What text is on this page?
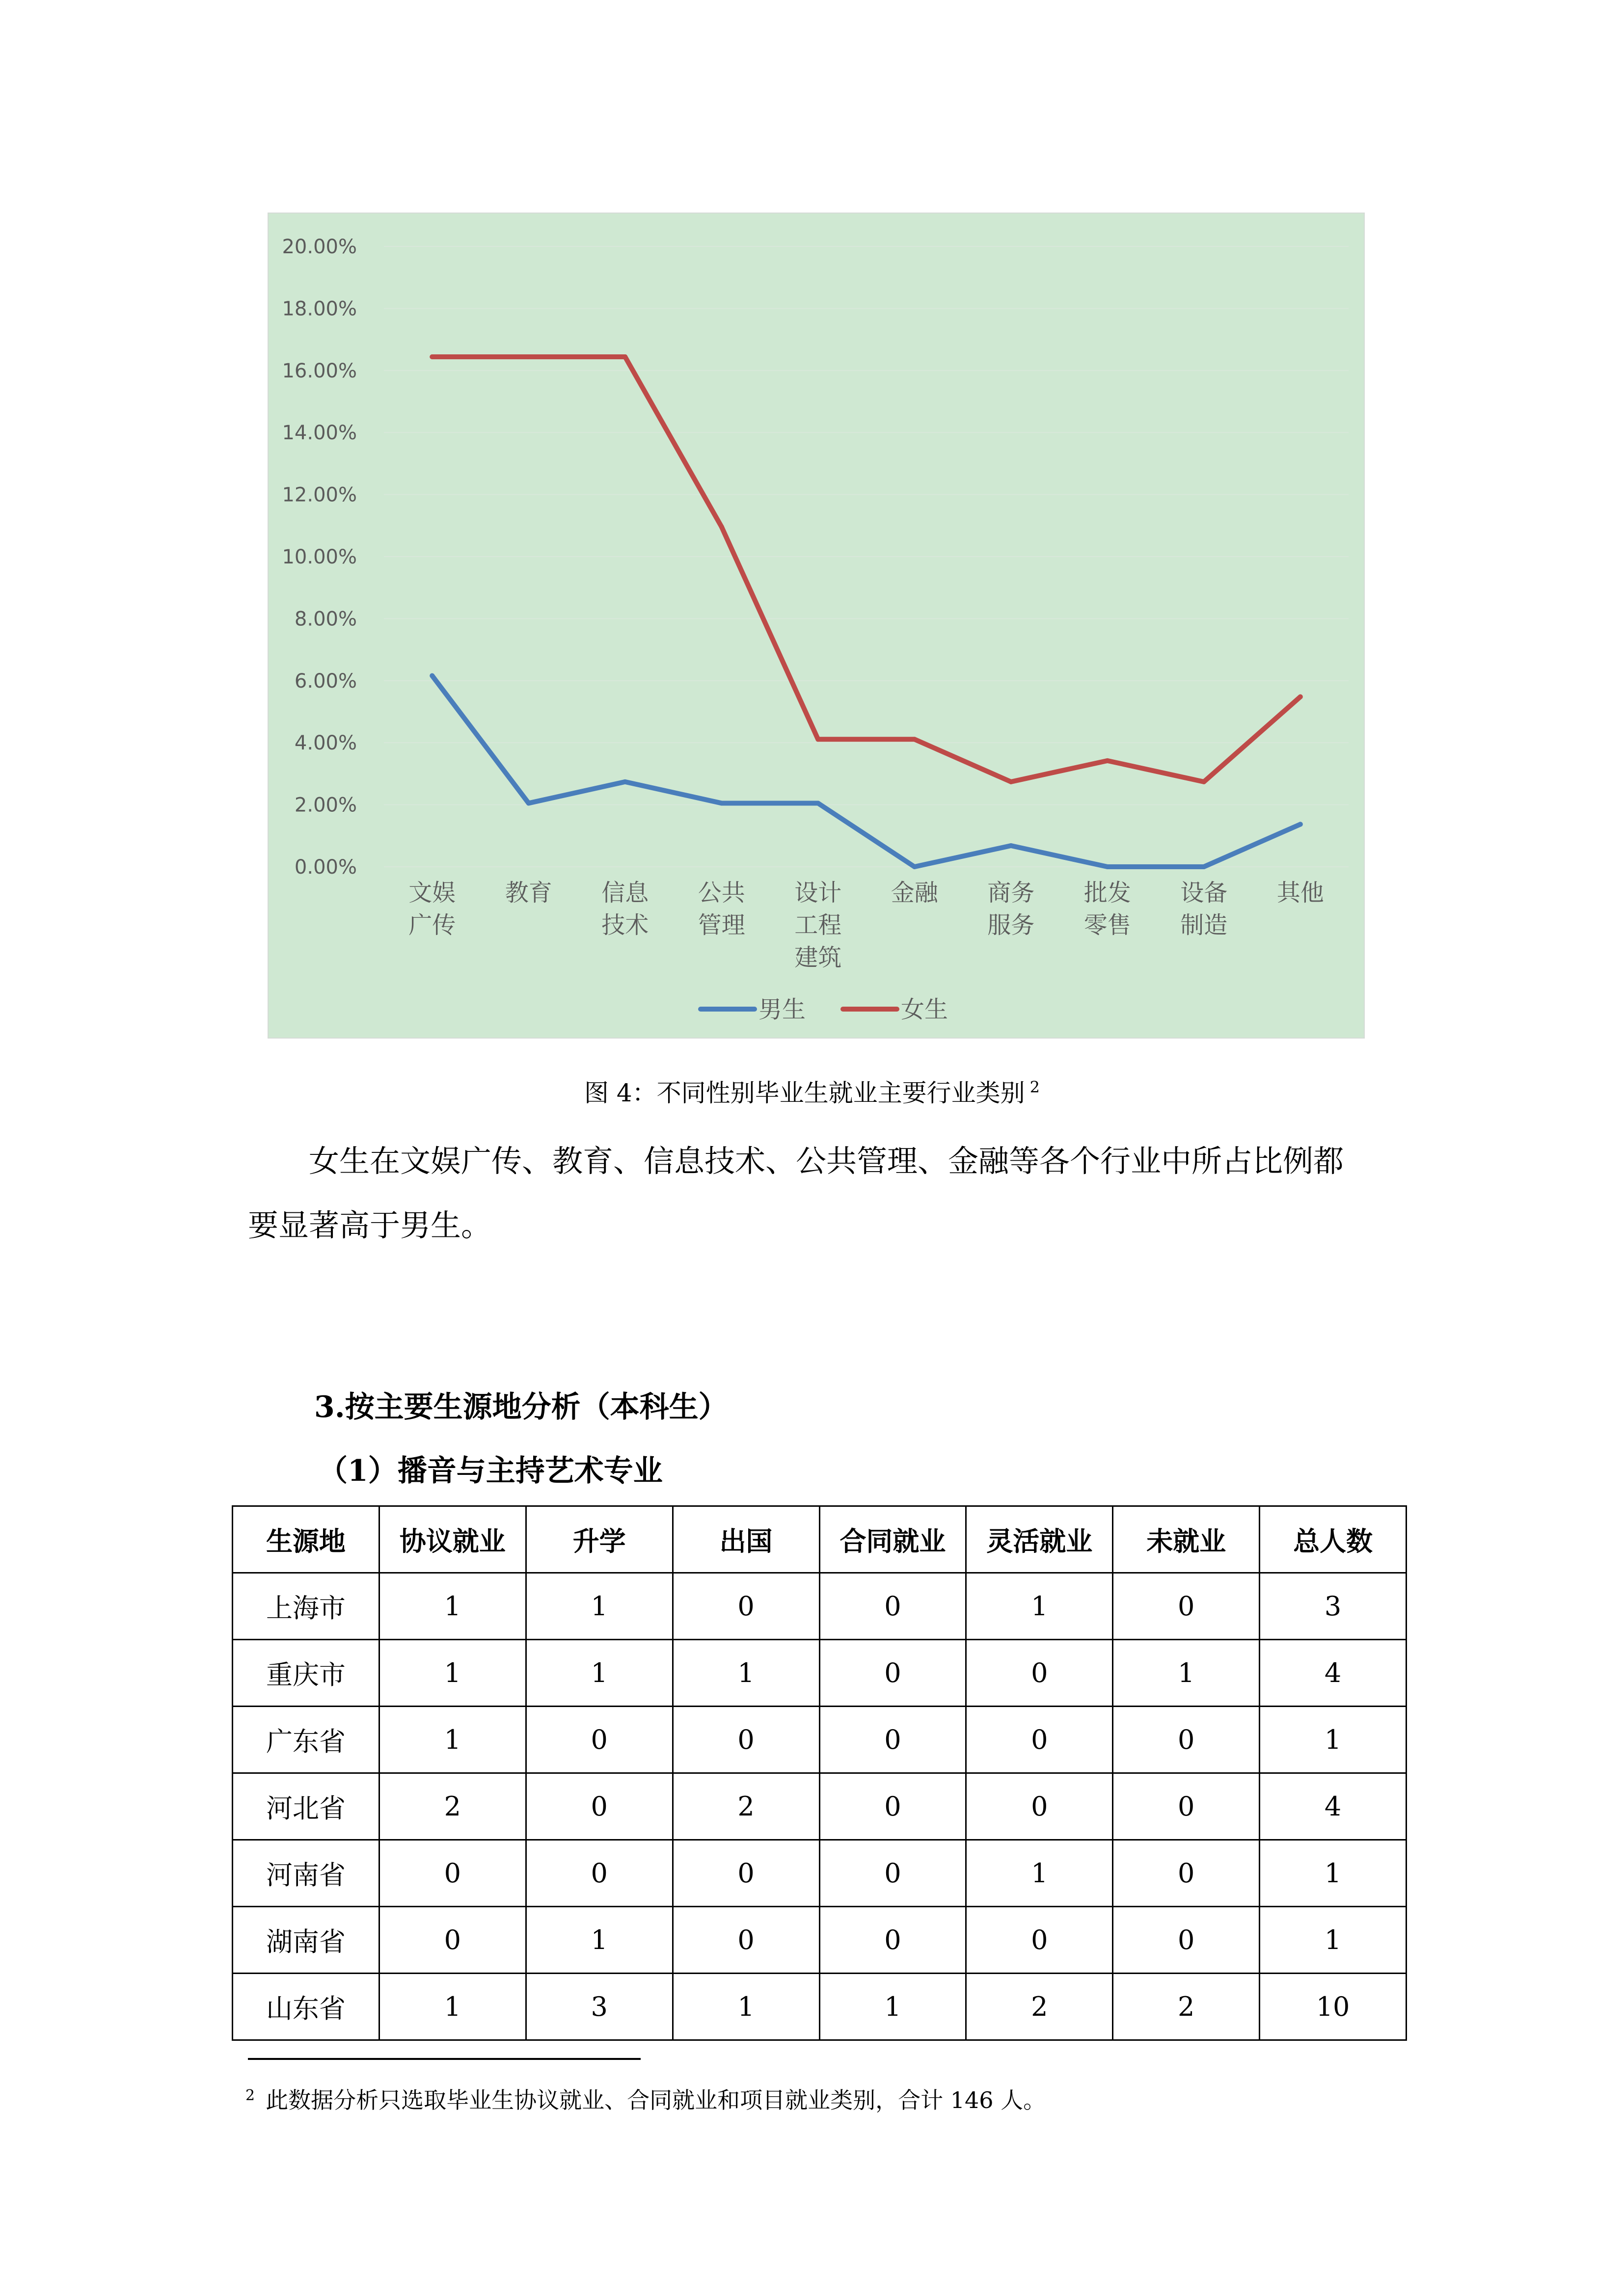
0.00%
2.00%
4.00%
6.00%
8.00%
10.00%
12.00%
14.00%
16.00%
18.00%
20.00%
文娱广传
教育 信息技术
公共管理
设计工程建筑
金融 商务服务
批发零售
设备制造
其他
男生	女生
图 4：不同性别毕业生就业主要行业类别 $^2$
女生在文娱广传、教育、信息技术、公共管理、金融等各个行业中所占比例都要显著高于男生。
3.按主要生源地分析（本科生）
（1）播音与主持艺术专业
生源地	协议就业	升学	出国	合同就业	灵活就业	未就业	总人数
上海市	1	1	0	0	1	0	3
重庆市	1	1	1	0	0	1	4
广东省	1	0	0	0	0	0	1
河北省	2	0	2	0	0	0	4
河南省	0	0	0	0	1	0	1
湖南省	0	1	0	0	0	0	1
山东省	1	3	1	1	2	2	10
$^2$ 此数据分析只选取毕业生协议就业、合同就业和项目就业类别，合计 146 人。
